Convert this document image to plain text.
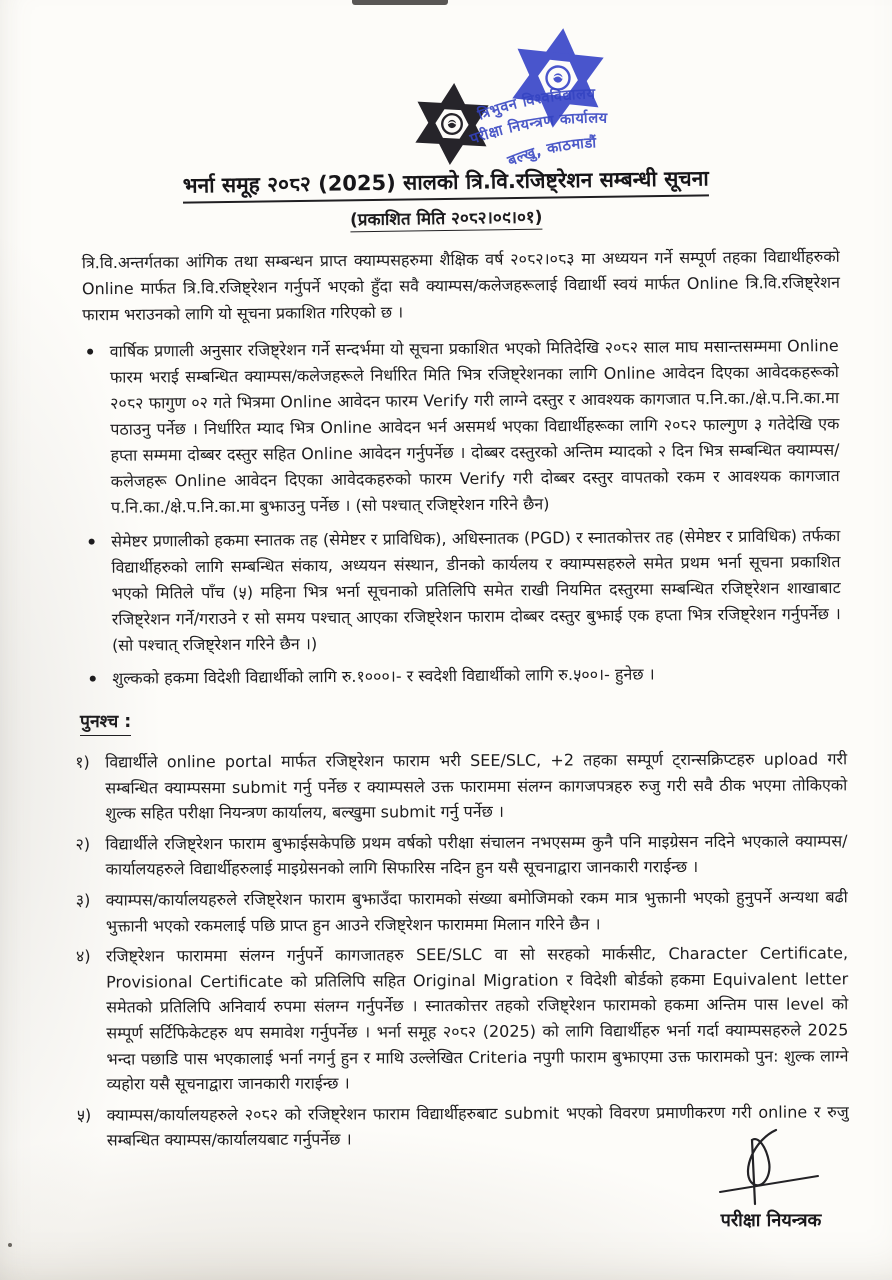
त्रिभुवन विश्वविद्यालय
परीक्षा नियन्त्रण कार्यालय
बल्खु, काठमाडौं
भर्ना समूह २०८२ (2025) सालको त्रि.वि.रजिष्ट्रेशन सम्बन्धी सूचना
(प्रकाशित मिति २०८२।०९।०१)

त्रि.वि.अन्तर्गतका आंगिक तथा सम्बन्धन प्राप्त क्याम्पसहरुमा शैक्षिक वर्ष २०८२।०८३ मा अध्ययन गर्ने सम्पूर्ण तहका विद्यार्थीहरुको Online मार्फत त्रि.वि.रजिष्ट्रेशन गर्नुपर्ने भएको हुँदा सवै क्याम्पस/कलेजहरूलाई विद्यार्थी स्वयं मार्फत Online त्रि.वि.रजिष्ट्रेशन फाराम भराउनको लागि यो सूचना प्रकाशित गरिएको छ ।

• वार्षिक प्रणाली अनुसार रजिष्ट्रेशन गर्ने सन्दर्भमा यो सूचना प्रकाशित भएको मितिदेखि २०८२ साल माघ मसान्तसम्ममा Online फारम भराई सम्बन्धित क्याम्पस/कलेजहरूले निर्धारित मिति भित्र रजिष्ट्रेशनका लागि Online आवेदन दिएका आवेदकहरूको २०८२ फागुण ०२ गते भित्रमा Online आवेदन फारम Verify गरी लाग्ने दस्तुर र आवश्यक कागजात प.नि.का./क्षे.प.नि.का.मा पठाउनु पर्नेछ । निर्धारित म्याद भित्र Online आवेदन भर्न असमर्थ भएका विद्यार्थीहरूका लागि २०८२ फाल्गुण ३ गतेदेखि एक हप्ता सम्ममा दोब्बर दस्तुर सहित Online आवेदन गर्नुपर्नेछ । दोब्बर दस्तुरको अन्तिम म्यादको २ दिन भित्र सम्बन्धित क्याम्पस/कलेजहरू Online आवेदन दिएका आवेदकहरुको फारम Verify गरी दोब्बर दस्तुर वापतको रकम र आवश्यक कागजात प.नि.का./क्षे.प.नि.का.मा बुझाउनु पर्नेछ । (सो पश्चात् रजिष्ट्रेशन गरिने छैन)
• सेमेष्टर प्रणालीको हकमा स्नातक तह (सेमेष्टर र प्राविधिक), अधिस्नातक (PGD) र स्नातकोत्तर तह (सेमेष्टर र प्राविधिक) तर्फका विद्यार्थीहरुको लागि सम्बन्धित संकाय, अध्ययन संस्थान, डीनको कार्यलय र क्याम्पसहरुले समेत प्रथम भर्ना सूचना प्रकाशित भएको मितिले पाँच (५) महिना भित्र भर्ना सूचनाको प्रतिलिपि समेत राखी नियमित दस्तुरमा सम्बन्धित रजिष्ट्रेशन शाखाबाट रजिष्ट्रेशन गर्ने/गराउने र सो समय पश्चात् आएका रजिष्ट्रेशन फाराम दोब्बर दस्तुर बुझाई एक हप्ता भित्र रजिष्ट्रेशन गर्नुपर्नेछ । (सो पश्चात् रजिष्ट्रेशन गरिने छैन ।)
• शुल्कको हकमा विदेशी विद्यार्थीको लागि रु.१०००।- र स्वदेशी विद्यार्थीको लागि रु.५००।- हुनेछ ।
पुनश्च :
१) विद्यार्थीले online portal मार्फत रजिष्ट्रेशन फाराम भरी SEE/SLC, +2 तहका सम्पूर्ण ट्रान्सक्रिप्टहरु upload गरी सम्बन्धित क्याम्पसमा submit गर्नु पर्नेछ र क्याम्पसले उक्त फाराममा संलग्न कागजपत्रहरु रुजु गरी सवै ठीक भएमा तोकिएको शुल्क सहित परीक्षा नियन्त्रण कार्यालय, बल्खुमा submit गर्नु पर्नेछ ।
२) विद्यार्थीले रजिष्ट्रेशन फाराम बुझाईसकेपछि प्रथम वर्षको परीक्षा संचालन नभएसम्म कुनै पनि माइग्रेसन नदिने भएकाले क्याम्पस/कार्यालयहरुले विद्यार्थीहरुलाई माइग्रेसनको लागि सिफारिस नदिन हुन यसै सूचनाद्वारा जानकारी गराईन्छ ।
३) क्याम्पस/कार्यालयहरुले रजिष्ट्रेशन फाराम बुझाउँदा फारामको संख्या बमोजिमको रकम मात्र भुक्तानी भएको हुनुपर्ने अन्यथा बढी भुक्तानी भएको रकमलाई पछि प्राप्त हुन आउने रजिष्ट्रेशन फाराममा मिलान गरिने छैन ।
४) रजिष्ट्रेशन फाराममा संलग्न गर्नुपर्ने कागजातहरु SEE/SLC वा सो सरहको मार्कसीट, Character Certificate, Provisional Certificate को प्रतिलिपि सहित Original Migration र विदेशी बोर्डको हकमा Equivalent letter समेतको प्रतिलिपि अनिवार्य रुपमा संलग्न गर्नुपर्नेछ । स्नातकोत्तर तहको रजिष्ट्रेशन फारामको हकमा अन्तिम पास level को सम्पूर्ण सर्टिफिकेटहरु थप समावेश गर्नुपर्नेछ । भर्ना समूह २०८२ (2025) को लागि विद्यार्थीहरु भर्ना गर्दा क्याम्पसहरुले 2025 भन्दा पछाडि पास भएकालाई भर्ना नगर्नु हुन र माथि उल्लेखित Criteria नपुगी फाराम बुझाएमा उक्त फारामको पुन: शुल्क लाग्ने व्यहोरा यसै सूचनाद्वारा जानकारी गराईन्छ ।
५) क्याम्पस/कार्यालयहरुले २०८२ को रजिष्ट्रेशन फाराम विद्यार्थीहरुबाट submit भएको विवरण प्रमाणीकरण गरी online र रुजु सम्बन्धित क्याम्पस/कार्यालयबाट गर्नुपर्नेछ ।
परीक्षा नियन्त्रक
